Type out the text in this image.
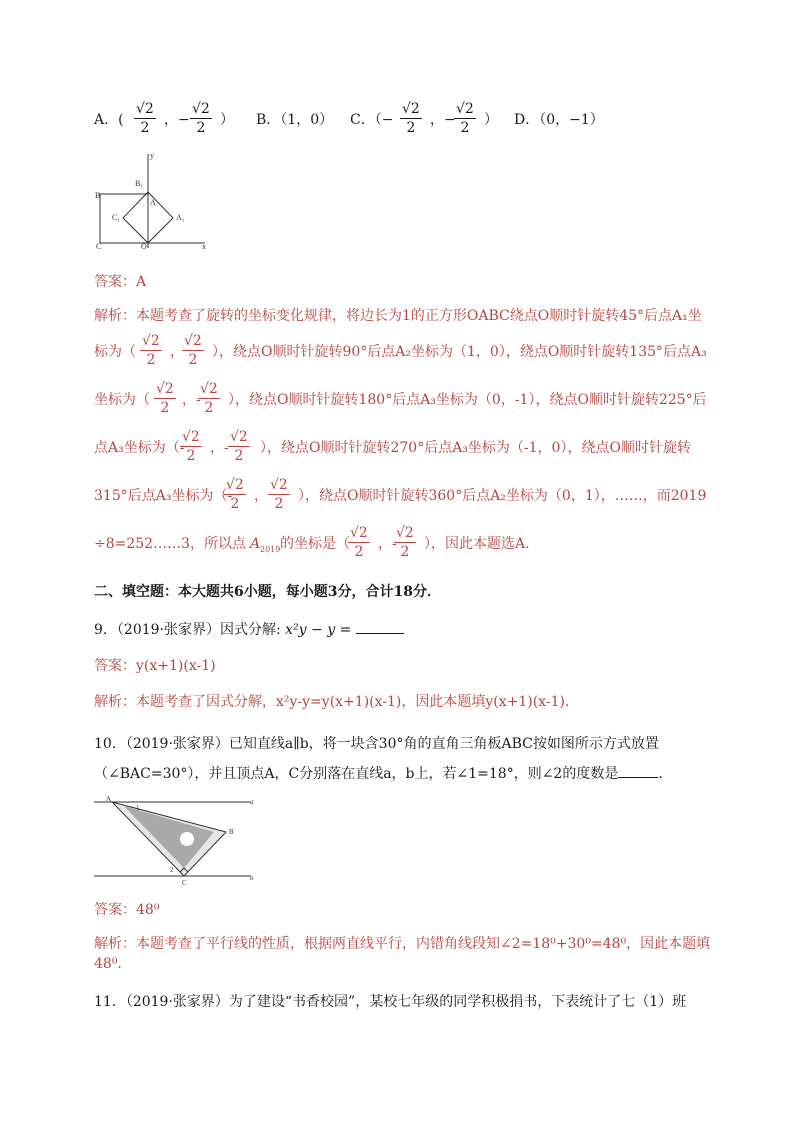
A．( $\frac{√2}{2}$ ，− $\frac{√2}{2}$ ） B．（1，0） C．（− $\frac{√2}{2}$ ，−
$\frac{√2}{2}$ ） D．（0，−1）
y
B
B₁
A
C₁	A₁
C	O	x
答案：A
解析：本题考查了旋转的坐标变化规律，将边长为1的正方形OABC绕点O顺时针旋转45°后点A₁坐
标为（ $\frac{√2}{2}$ ，
$\frac{√2}{2}$ ），绕点O顺时针旋转90°后点A₂坐标为（1，0），绕点O顺时针旋转135°后点A₃
坐标为（ $\frac{√2}{2}$ ，-
$\frac{√2}{2}$ ），绕点O顺时针旋转180°后点A₃坐标为（0，-1），绕点O顺时针旋转225°后
点A₃坐标为（-
$\frac{√2}{2}$ ，- $\frac{√2}{2}$ ），绕点O顺时针旋转270°后点A₃坐标为（-1，0），绕点O顺时针旋转
315°后点A₃坐标为（-
$\frac{√2}{2}$ ， $\frac{√2}{2}$ ），绕点O顺时针旋转360°后点A₂坐标为（0，1），……，而2019
÷8=252……3，所以点 A 2019 的坐标是（
$\frac{√2}{2}$ ，-
$\frac{√2}{2}$ ），因此本题选A．
二、填空题：本大题共6小题，每小题3分，合计18分．
9．（2019·张家界）因式分解: x²y − y =
答案：y(x+1)(x-1)
解析：本题考查了因式分解，x²y-y=y(x+1)(x-1)，因此本题填y(x+1)(x-1)．
10．（2019·张家界）已知直线a∥b，将一块含30°角的直角三角板ABC按如图所示方式放置
（∠BAC=30°），并且顶点A，C分别落在直线a，b上，若∠1=18°，则∠2的度数是	．
A	a
1
B
2
C
b
答案：48⁰
解析：本题考查了平行线的性质，根据两直线平行，内错角线段知∠2=18⁰+30⁰=48⁰，因此本题填
48⁰.
11．（2019·张家界）为了建设“书香校园”，某校七年级的同学积极捐书，下表统计了七（1）班
